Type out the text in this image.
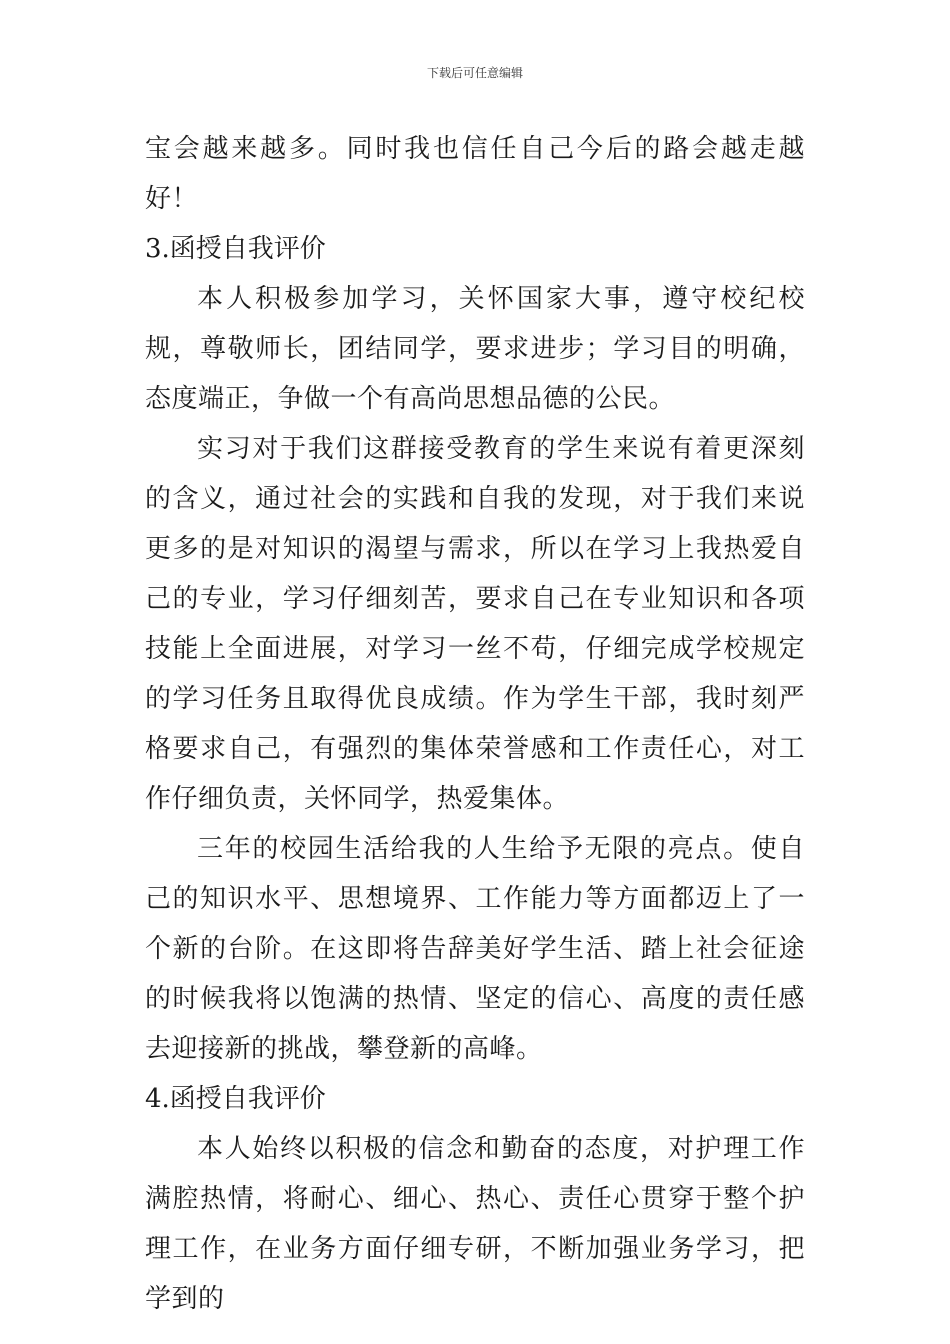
下载后可任意编辑

宝会越来越多。同时我也信任自己今后的路会越走越好！

3.函授自我评价

本人积极参加学习，关怀国家大事，遵守校纪校规，尊敬师长，团结同学，要求进步；学习目的明确，态度端正，争做一个有高尚思想品德的公民。

实习对于我们这群接受教育的学生来说有着更深刻的含义，通过社会的实践和自我的发现，对于我们来说更多的是对知识的渴望与需求，所以在学习上我热爱自己的专业，学习仔细刻苦，要求自己在专业知识和各项技能上全面进展，对学习一丝不苟，仔细完成学校规定的学习任务且取得优良成绩。作为学生干部，我时刻严格要求自己，有强烈的集体荣誉感和工作责任心，对工作仔细负责，关怀同学，热爱集体。

三年的校园生活给我的人生给予无限的亮点。使自己的知识水平、思想境界、工作能力等方面都迈上了一个新的台阶。在这即将告辞美好学生活、踏上社会征途的时候我将以饱满的热情、坚定的信心、高度的责任感去迎接新的挑战，攀登新的高峰。

4.函授自我评价

本人始终以积极的信念和勤奋的态度，对护理工作满腔热情，将耐心、细心、热心、责任心贯穿于整个护理工作，在业务方面仔细专研，不断加强业务学习，把学到的
